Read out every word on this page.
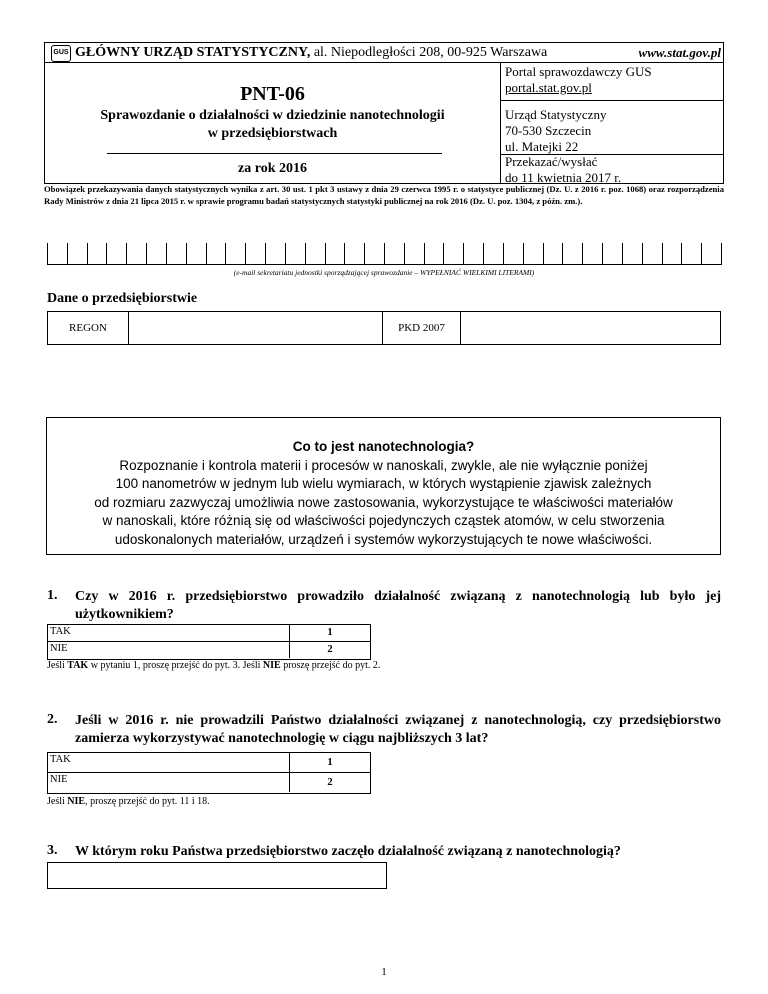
GUS GŁÓWNY URZĄD STATYSTYCZNY, al. Niepodległości 208, 00-925 Warszawa	www.stat.gov.pl
PNT-06
Sprawozdanie o działalności w dziedzinie nanotechnologii
w przedsiębiorstwach
za rok 2016
Portal sprawozdawczy GUS
portal.stat.gov.pl
Urząd Statystyczny
70-530 Szczecin
ul. Matejki 22
Przekazać/wysłać
do 11 kwietnia 2017 r.
Obowiązek przekazywania danych statystycznych wynika z art. 30 ust. 1 pkt 3 ustawy z dnia 29 czerwca 1995 r. o statystyce publicznej (Dz. U. z 2016 r. poz. 1068) oraz rozporządzenia Rady Ministrów z dnia 21 lipca 2015 r. w sprawie programu badań statystycznych statystyki publicznej na rok 2016 (Dz. U. poz. 1304, z późn. zm.).
(e-mail sekretariatu jednostki sporządzającej sprawozdanie – WYPEŁNIAĆ WIELKIMI LITERAMI)
Dane o przedsiębiorstwie
REGON	PKD 2007
Co to jest nanotechnologia?
Rozpoznanie i kontrola materii i procesów w nanoskali, zwykle, ale nie wyłącznie poniżej
100 nanometrów w jednym lub wielu wymiarach, w których wystąpienie zjawisk zależnych
od rozmiaru zazwyczaj umożliwia nowe zastosowania, wykorzystujące te właściwości materiałów
w nanoskali, które różnią się od właściwości pojedynczych cząstek atomów, w celu stworzenia
udoskonalonych materiałów, urządzeń i systemów wykorzystujących te nowe właściwości.
1. Czy w 2016 r. przedsiębiorstwo prowadziło działalność związaną z nanotechnologią lub było jej użytkownikiem?
TAK	1
NIE	2
Jeśli TAK w pytaniu 1, proszę przejść do pyt. 3. Jeśli NIE proszę przejść do pyt. 2.
2. Jeśli w 2016 r. nie prowadzili Państwo działalności związanej z nanotechnologią, czy przedsiębiorstwo zamierza wykorzystywać nanotechnologię w ciągu najbliższych 3 lat?
TAK	1
NIE	2
Jeśli NIE, proszę przejść do pyt. 11 i 18.
3. W którym roku Państwa przedsiębiorstwo zaczęło działalność związaną z nanotechnologią?
1
